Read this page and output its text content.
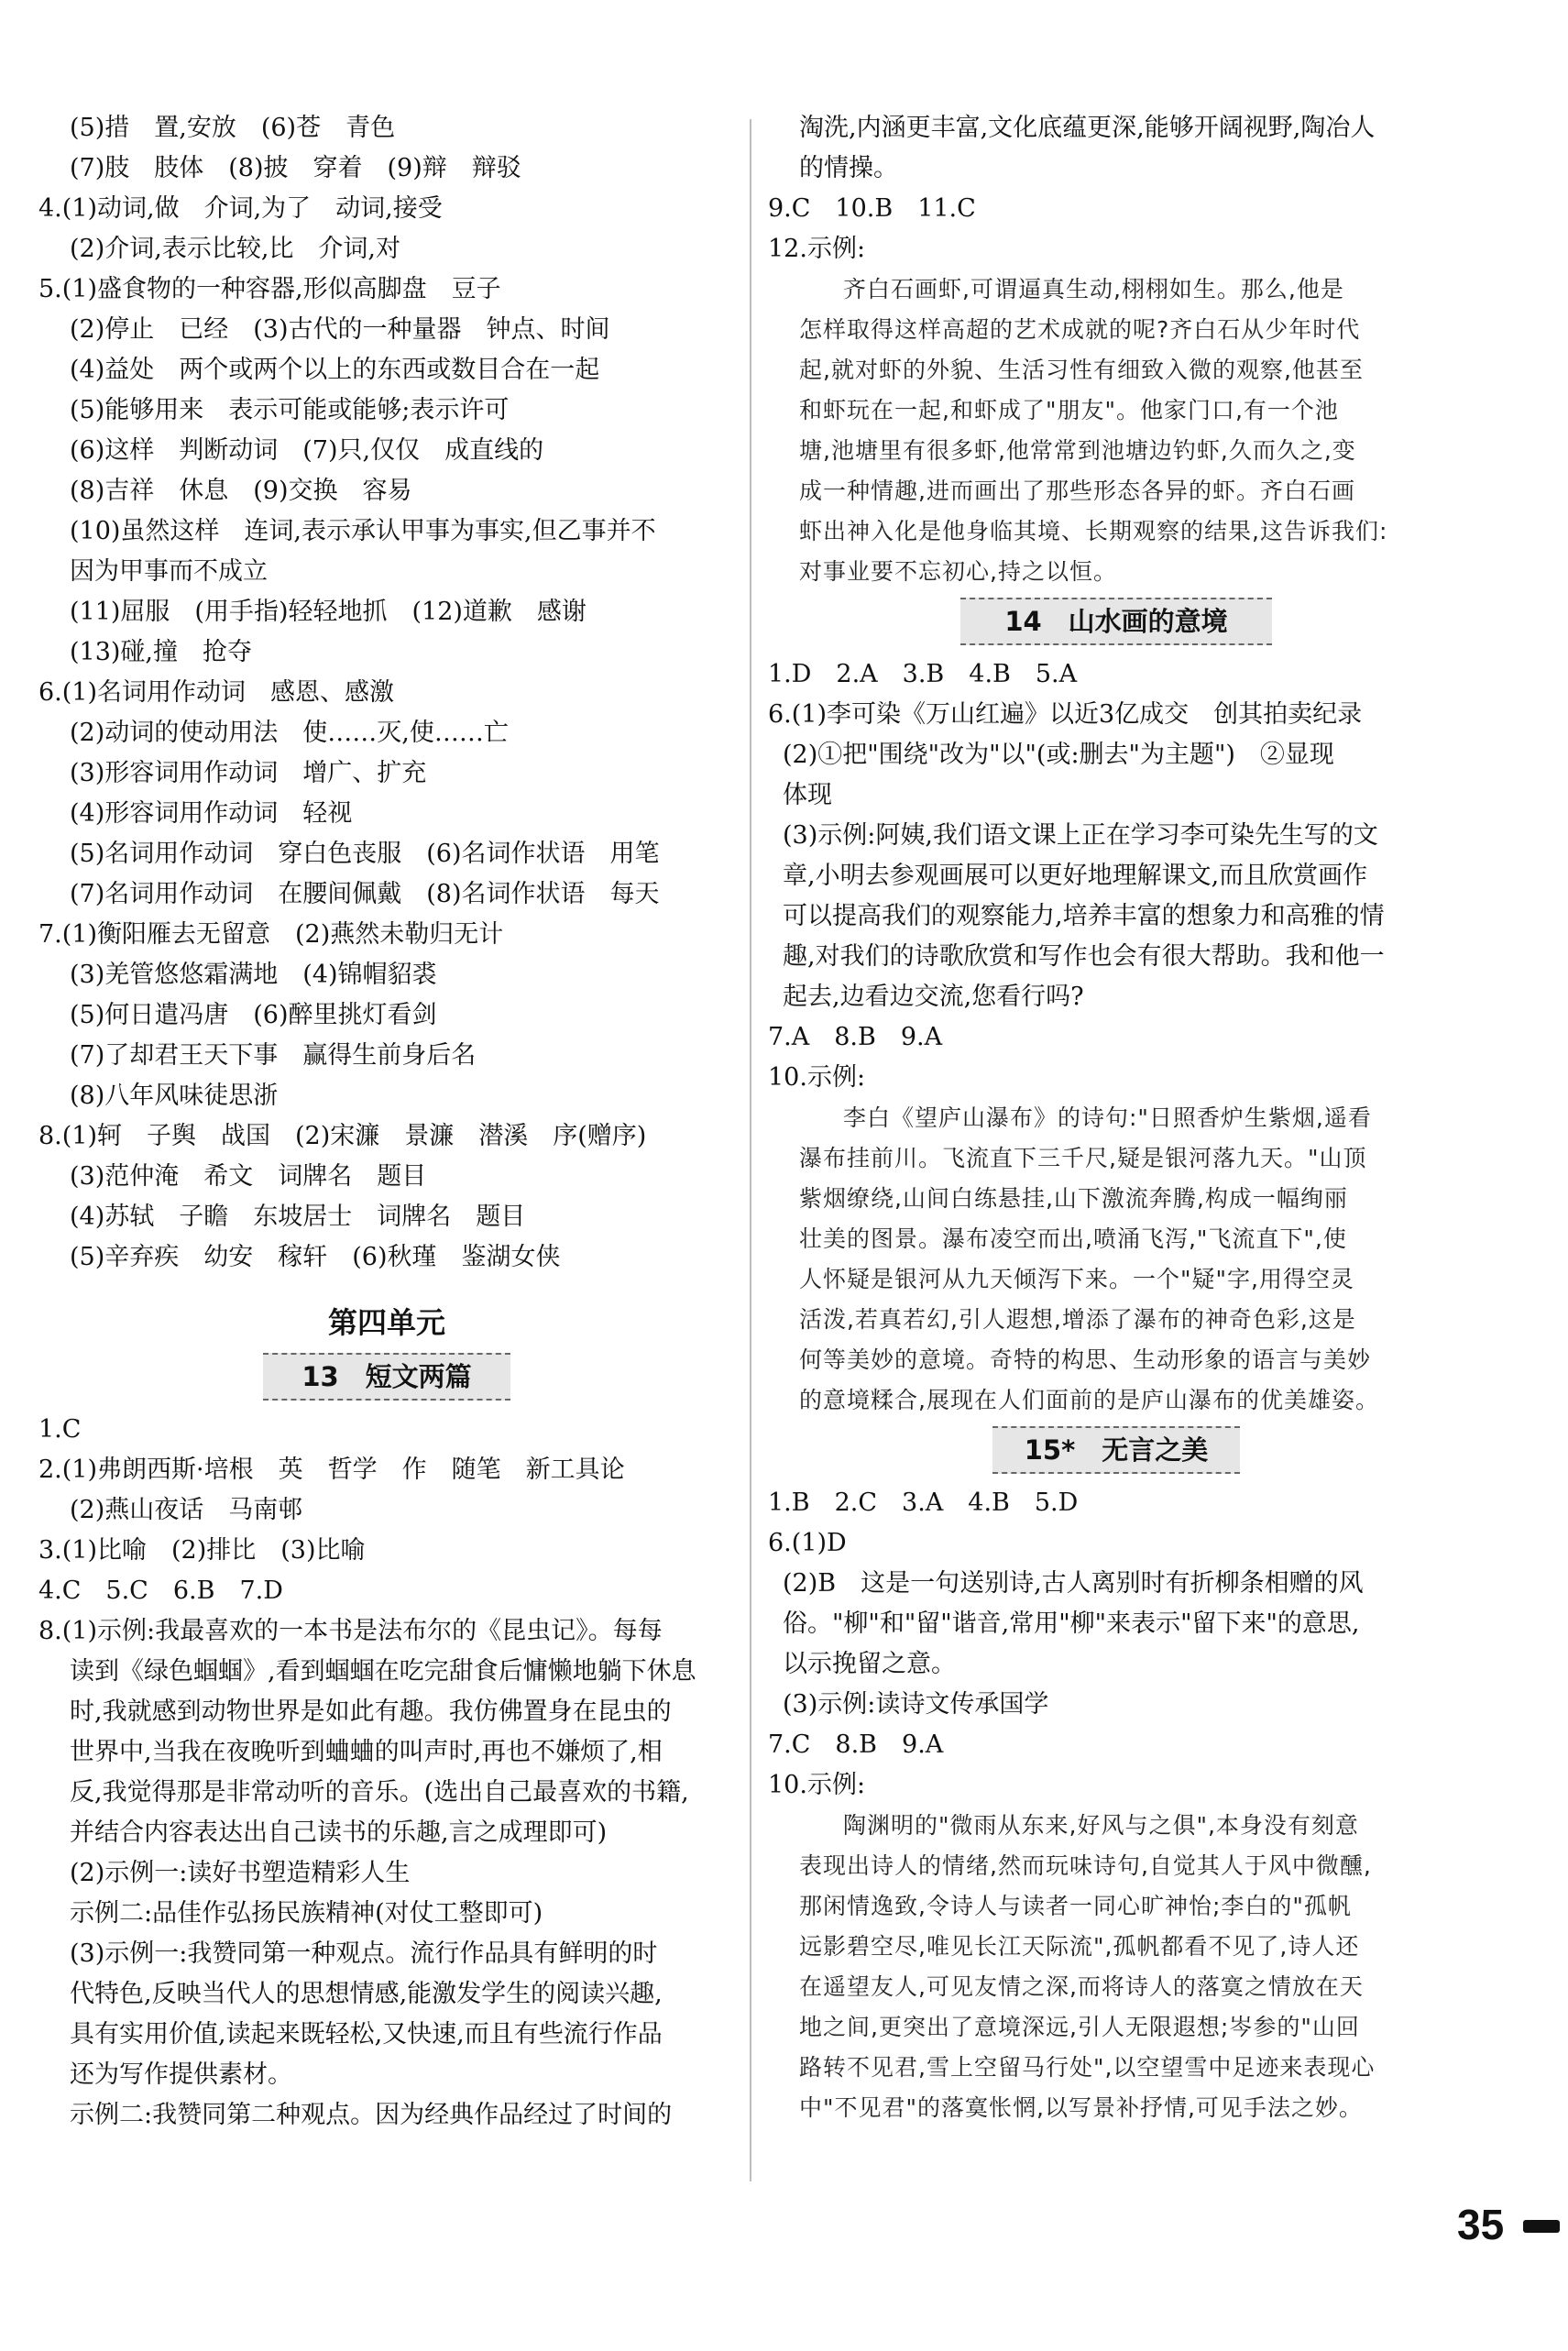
(5)措　置,安放　(6)苍　青色
(7)肢　肢体　(8)披　穿着　(9)辩　辩驳
4.(1)动词,做　介词,为了　动词,接受
(2)介词,表示比较,比　介词,对
5.(1)盛食物的一种容器,形似高脚盘　豆子
(2)停止　已经　(3)古代的一种量器　钟点、时间
(4)益处　两个或两个以上的东西或数目合在一起
(5)能够用来　表示可能或能够;表示许可
(6)这样　判断动词　(7)只,仅仅　成直线的
(8)吉祥　休息　(9)交换　容易
(10)虽然这样　连词,表示承认甲事为事实,但乙事并不
因为甲事而不成立
(11)屈服　(用手指)轻轻地抓　(12)道歉　感谢
(13)碰,撞　抢夺
6.(1)名词用作动词　感恩、感激
(2)动词的使动用法　使……灭,使……亡
(3)形容词用作动词　增广、扩充
(4)形容词用作动词　轻视
(5)名词用作动词　穿白色丧服　(6)名词作状语　用笔
(7)名词用作动词　在腰间佩戴　(8)名词作状语　每天
7.(1)衡阳雁去无留意　(2)燕然未勒归无计
(3)羌管悠悠霜满地　(4)锦帽貂裘
(5)何日遣冯唐　(6)醉里挑灯看剑
(7)了却君王天下事　赢得生前身后名
(8)八年风味徒思浙
8.(1)轲　子舆　战国　(2)宋濂　景濂　潜溪　序(赠序)
(3)范仲淹　希文　词牌名　题目
(4)苏轼　子瞻　东坡居士　词牌名　题目
(5)辛弃疾　幼安　稼轩　(6)秋瑾　鉴湖女侠
第四单元
13　短文两篇
1.C
2.(1)弗朗西斯·培根　英　哲学　作　随笔　新工具论
(2)燕山夜话　马南邨
3.(1)比喻　(2)排比　(3)比喻
4.C　5.C　6.B　7.D
8.(1)示例:我最喜欢的一本书是法布尔的《昆虫记》。每每
读到《绿色蝈蝈》,看到蝈蝈在吃完甜食后慵懒地躺下休息
时,我就感到动物世界是如此有趣。我仿佛置身在昆虫的
世界中,当我在夜晚听到蛐蛐的叫声时,再也不嫌烦了,相
反,我觉得那是非常动听的音乐。(选出自己最喜欢的书籍,
并结合内容表达出自己读书的乐趣,言之成理即可)
(2)示例一:读好书塑造精彩人生
示例二:品佳作弘扬民族精神(对仗工整即可)
(3)示例一:我赞同第一种观点。流行作品具有鲜明的时
代特色,反映当代人的思想情感,能激发学生的阅读兴趣,
具有实用价值,读起来既轻松,又快速,而且有些流行作品
还为写作提供素材。
示例二:我赞同第二种观点。因为经典作品经过了时间的
淘洗,内涵更丰富,文化底蕴更深,能够开阔视野,陶冶人
的情操。
9.C　10.B　11.C
12.示例:
齐白石画虾,可谓逼真生动,栩栩如生。那么,他是
怎样取得这样高超的艺术成就的呢?齐白石从少年时代
起,就对虾的外貌、生活习性有细致入微的观察,他甚至
和虾玩在一起,和虾成了"朋友"。他家门口,有一个池
塘,池塘里有很多虾,他常常到池塘边钓虾,久而久之,变
成一种情趣,进而画出了那些形态各异的虾。齐白石画
虾出神入化是他身临其境、长期观察的结果,这告诉我们:
对事业要不忘初心,持之以恒。
14　山水画的意境
1.D　2.A　3.B　4.B　5.A
6.(1)李可染《万山红遍》以近3亿成交　创其拍卖纪录
(2)①把"围绕"改为"以"(或:删去"为主题")　②显现
体现
(3)示例:阿姨,我们语文课上正在学习李可染先生写的文
章,小明去参观画展可以更好地理解课文,而且欣赏画作
可以提高我们的观察能力,培养丰富的想象力和高雅的情
趣,对我们的诗歌欣赏和写作也会有很大帮助。我和他一
起去,边看边交流,您看行吗?
7.A　8.B　9.A
10.示例:
李白《望庐山瀑布》的诗句:"日照香炉生紫烟,遥看
瀑布挂前川。飞流直下三千尺,疑是银河落九天。"山顶
紫烟缭绕,山间白练悬挂,山下激流奔腾,构成一幅绚丽
壮美的图景。瀑布凌空而出,喷涌飞泻,"飞流直下",使
人怀疑是银河从九天倾泻下来。一个"疑"字,用得空灵
活泼,若真若幻,引人遐想,增添了瀑布的神奇色彩,这是
何等美妙的意境。奇特的构思、生动形象的语言与美妙
的意境糅合,展现在人们面前的是庐山瀑布的优美雄姿。
15*　无言之美
1.B　2.C　3.A　4.B　5.D
6.(1)D
(2)B　这是一句送别诗,古人离别时有折柳条相赠的风
俗。"柳"和"留"谐音,常用"柳"来表示"留下来"的意思,
以示挽留之意。
(3)示例:读诗文传承国学
7.C　8.B　9.A
10.示例:
陶渊明的"微雨从东来,好风与之俱",本身没有刻意
表现出诗人的情绪,然而玩味诗句,自觉其人于风中微醺,
那闲情逸致,令诗人与读者一同心旷神怡;李白的"孤帆
远影碧空尽,唯见长江天际流",孤帆都看不见了,诗人还
在遥望友人,可见友情之深,而将诗人的落寞之情放在天
地之间,更突出了意境深远,引人无限遐想;岑参的"山回
路转不见君,雪上空留马行处",以空望雪中足迹来表现心
中"不见君"的落寞怅惘,以写景补抒情,可见手法之妙。
35
